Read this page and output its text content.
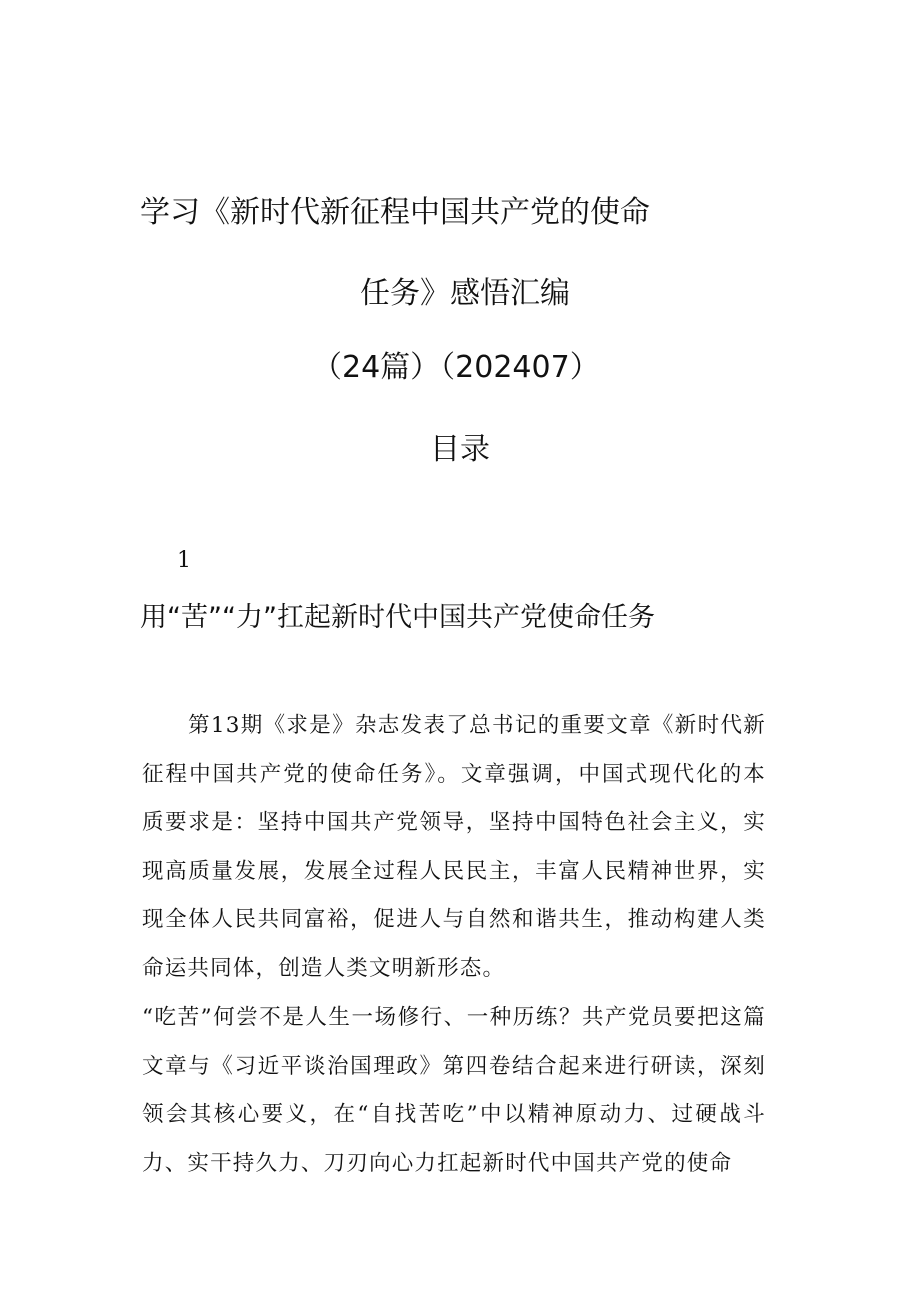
学习《新时代新征程中国共产党的使命
任务》感悟汇编
（24篇）（202407）
目录
1
用“苦”“力”扛起新时代中国共产党使命任务

第13期《求是》杂志发表了总书记的重要文章《新时代新征程中国共产党的使命任务》。文章强调，中国式现代化的本质要求是：坚持中国共产党领导，坚持中国特色社会主义，实现高质量发展，发展全过程人民民主，丰富人民精神世界，实现全体人民共同富裕，促进人与自然和谐共生，推动构建人类命运共同体，创造人类文明新形态。

“吃苦”何尝不是人生一场修行、一种历练？共产党员要把这篇文章与《习近平谈治国理政》第四卷结合起来进行研读，深刻领会其核心要义，在“自找苦吃”中以精神原动力、过硬战斗力、实干持久力、刀刃向心力扛起新时代中国共产党的使命
